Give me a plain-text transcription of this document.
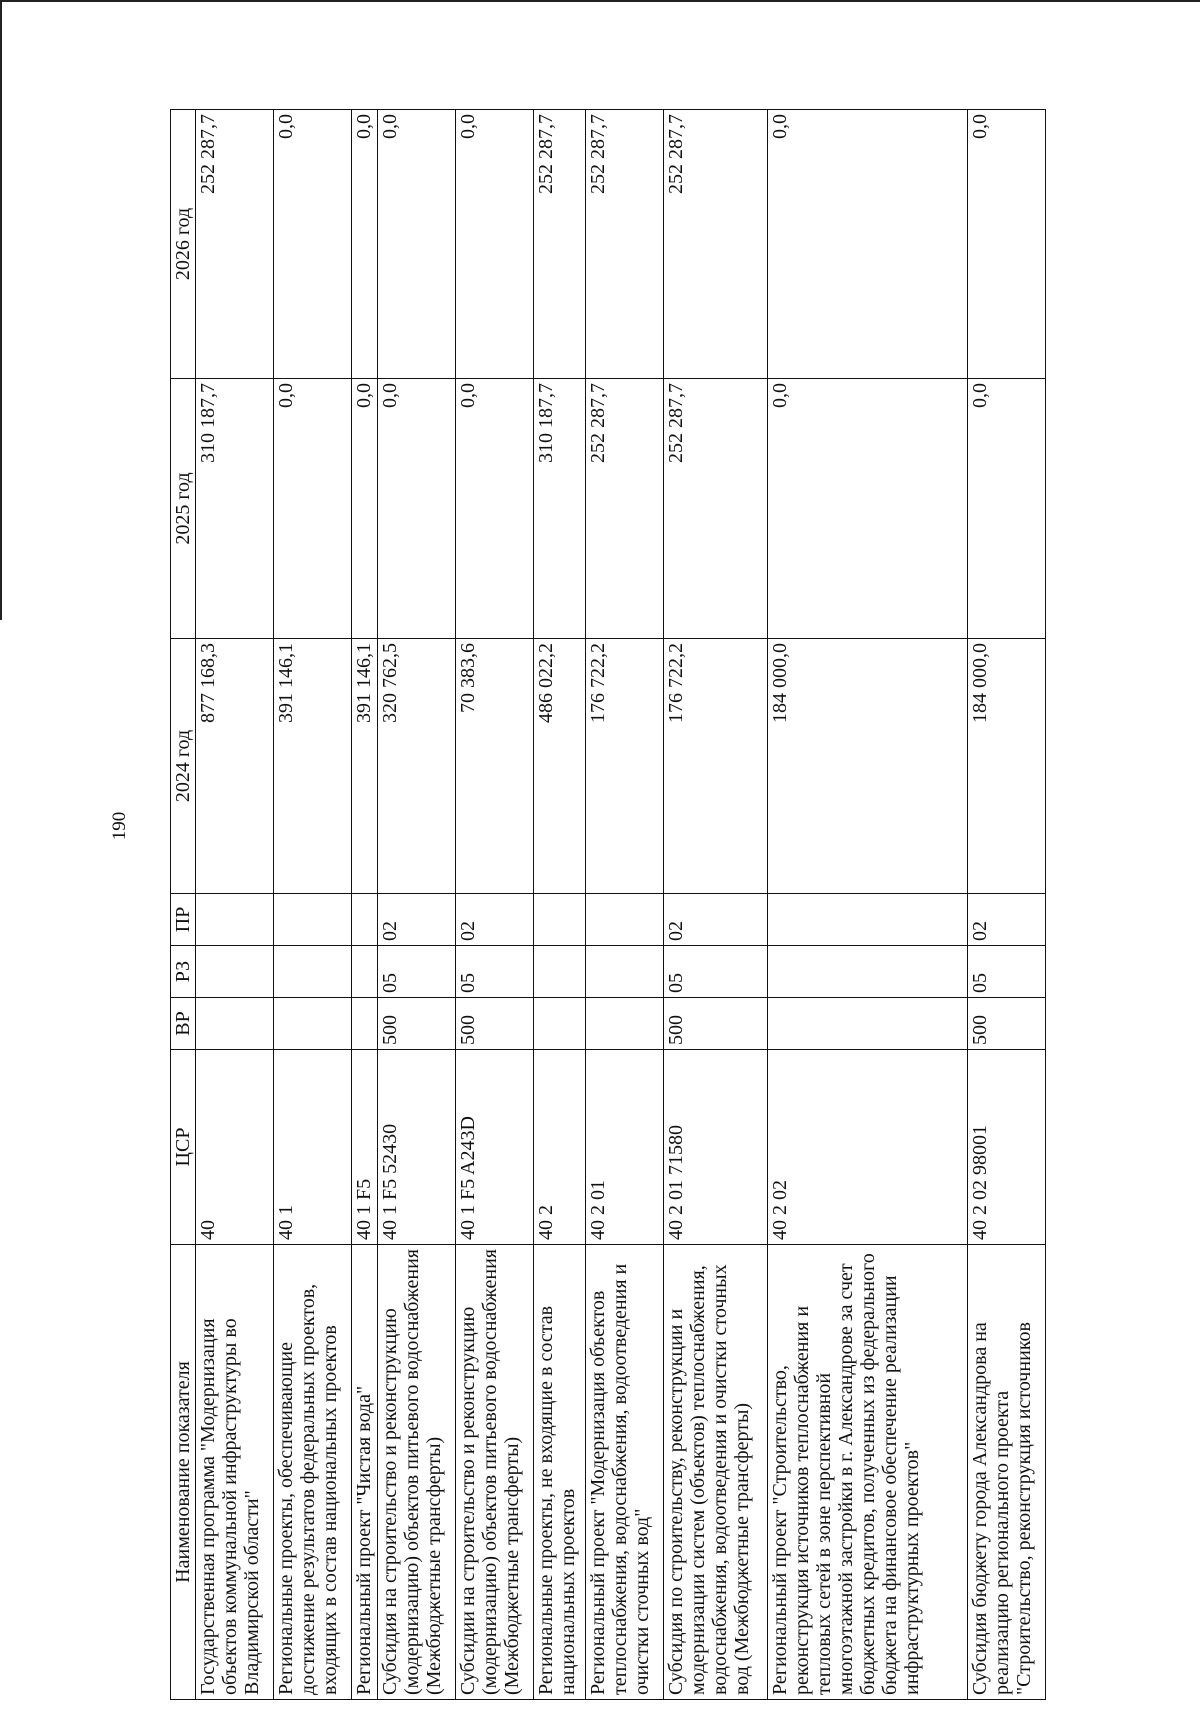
190
Наименование показателя	ЦСР	ВР	РЗ	ПР	2024 год	2025 год	2026 год
Государственная программа "Модернизация объектов коммунальной инфраструктуры во Владимирской области"	40				877 168,3	310 187,7	252 287,7
Региональные проекты, обеспечивающие достижение результатов федеральных проектов, входящих в состав национальных проектов	40 1				391 146,1	0,0	0,0
Региональный проект "Чистая вода"	40 1 F5				391 146,1	0,0	0,0
Субсидия на строительство и реконструкцию (модернизацию) объектов питьевого водоснабжения (Межбюджетные трансферты)	40 1 F5 52430	500	05	02	320 762,5	0,0	0,0
Субсидии на строительство и реконструкцию (модернизацию) объектов питьевого водоснабжения (Межбюджетные трансферты)	40 1 F5 A243D	500	05	02	70 383,6	0,0	0,0
Региональные проекты, не входящие в состав национальных проектов	40 2				486 022,2	310 187,7	252 287,7
Региональный проект "Модернизация объектов теплоснабжения, водоснабжения, водоотведения и очистки сточных вод"	40 2 01				176 722,2	252 287,7	252 287,7
Субсидия по строительству, реконструкции и модернизации систем (объектов) теплоснабжения, водоснабжения, водоотведения и очистки сточных вод (Межбюджетные трансферты)	40 2 01 71580	500	05	02	176 722,2	252 287,7	252 287,7
Региональный проект "Строительство, реконструкция источников теплоснабжения и тепловых сетей в зоне перспективной многоэтажной застройки в г. Александрове за счет бюджетных кредитов, полученных из федерального бюджета на финансовое обеспечение реализации инфраструктурных проектов"	40 2 02				184 000,0	0,0	0,0
Субсидия бюджету города Александрова на реализацию регионального проекта "Строительство, реконструкция источников	40 2 02 98001	500	05	02	184 000,0	0,0	0,0
